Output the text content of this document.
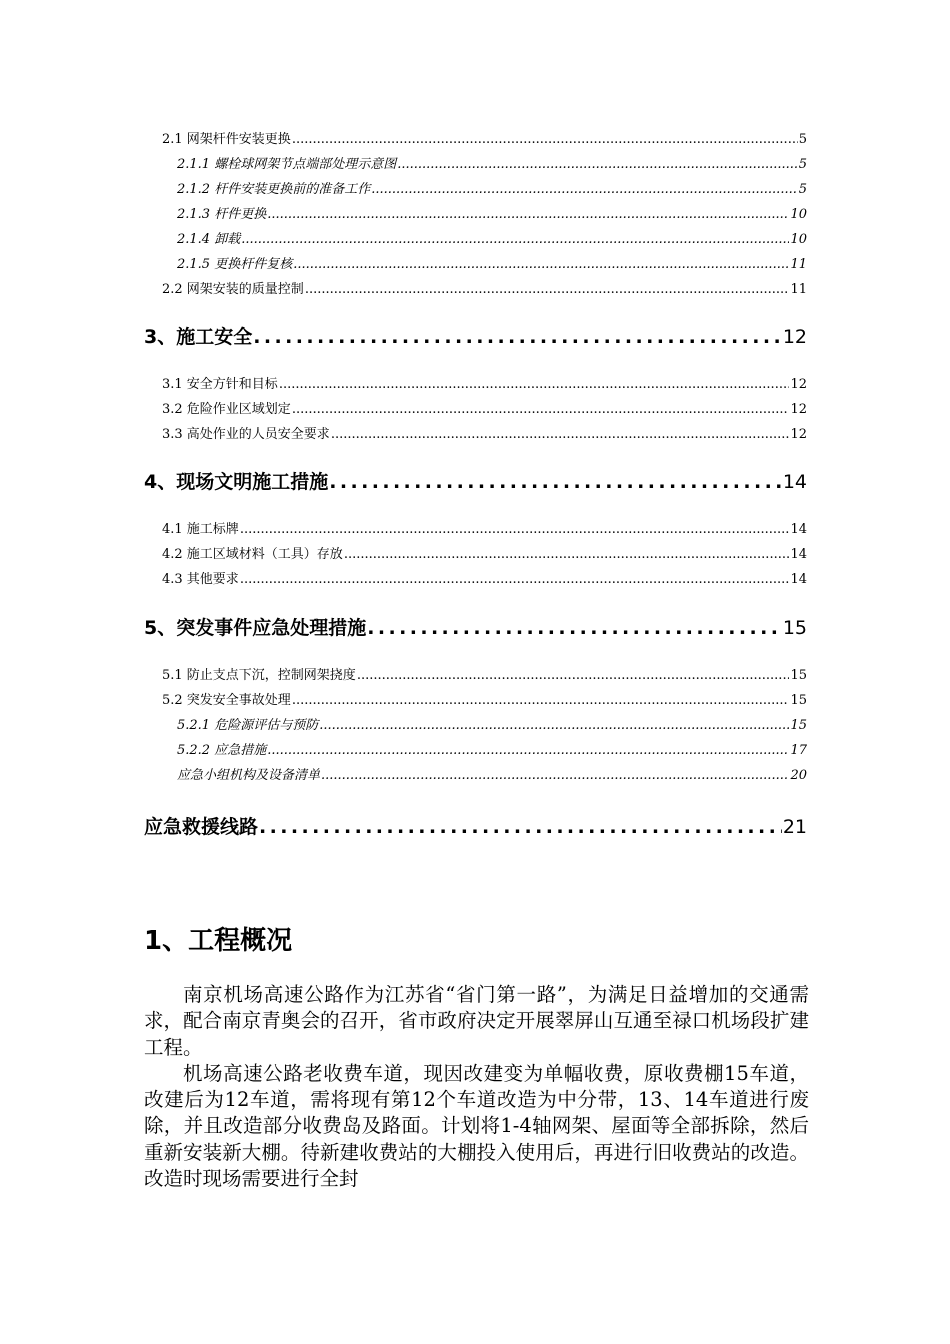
2.1 网架杆件安装更换 .....	5
2.1.1 螺栓球网架节点端部处理示意图 .....	5
2.1.2 杆件安装更换前的准备工作 .....	5
2.1.3 杆件更换 .....	10
2.1.4 卸载 .....	10
2.1.5 更换杆件复核 .....	11
2.2 网架安装的质量控制 .....	11
3、施工安全 .....	12
3.1 安全方针和目标 .....	12
3.2 危险作业区域划定 .....	12
3.3 高处作业的人员安全要求 .....	12
4、现场文明施工措施 .....	14
4.1 施工标牌 .....	14
4.2 施工区域材料（工具）存放 .....	14
4.3 其他要求 .....	14
5、突发事件应急处理措施 .....	15
5.1 防止支点下沉，控制网架挠度 .....	15
5.2 突发安全事故处理 .....	15
5.2.1 危险源评估与预防 .....	15
5.2.2 应急措施 .....	17
应急小组机构及设备清单 .....	20
应急救援线路 .....	21
1、工程概况

南京机场高速公路作为江苏省“省门第一路”，为满足日益增加的交通需求，配合南京青奥会的召开，省市政府决定开展翠屏山互通至禄口机场段扩建工程。

机场高速公路老收费车道，现因改建变为单幅收费，原收费棚15车道，改建后为12车道，需将现有第12个车道改造为中分带，13、14车道进行废除，并且改造部分收费岛及路面。计划将1-4轴网架、屋面等全部拆除，然后重新安装新大棚。待新建收费站的大棚投入使用后，再进行旧收费站的改造。改造时现场需要进行全封
